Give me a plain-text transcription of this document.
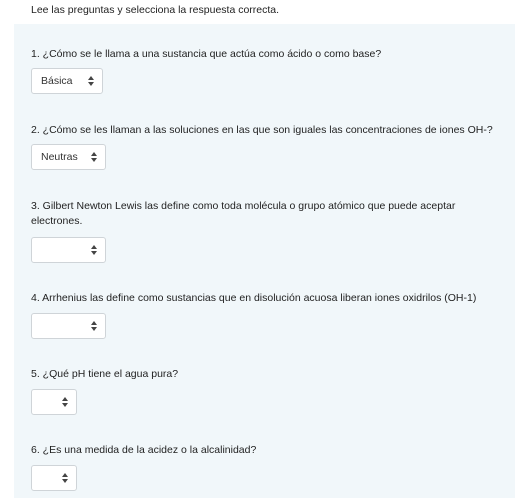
Lee las preguntas y selecciona la respuesta correcta.
1. ¿Cómo se le llama a una sustancia que actúa como ácido o como base?
Básica
2. ¿Cómo se les llaman a las soluciones en las que son iguales las concentraciones de iones OH-?
Neutras
3. Gilbert Newton Lewis las define como toda molécula o grupo atómico que puede aceptar electrones.
4. Arrhenius las define como sustancias que en disolución acuosa liberan iones oxidrilos (OH-1)
5. ¿Qué pH tiene el agua pura?
6. ¿Es una medida de la acidez o la alcalinidad?
